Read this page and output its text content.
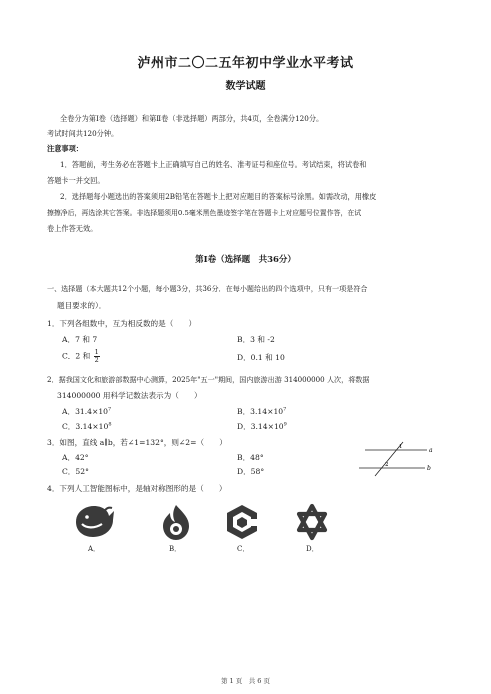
泸州市二〇二五年初中学业水平考试
数学试题
全卷分为第Ⅰ卷（选择题）和第Ⅱ卷（非选择题）两部分，共4页，全卷满分120分。
考试时间共120分钟。
注意事项：
1．答题前，考生务必在答题卡上正确填写自己的姓名、准考证号和座位号。考试结束，将试卷和
答题卡一并交回。
2．选择题每小题选出的答案须用2B铅笔在答题卡上把对应题目的答案标号涂黑。如需改动，用橡皮
擦擦净后，再选涂其它答案。非选择题须用0.5毫米黑色墨迹签字笔在答题卡上对应题号位置作答，在试
卷上作答无效。
第Ⅰ卷（选择题　共36分）
一、选择题（本大题共12个小题，每小题3分，共36分．在每小题给出的四个选项中，只有一项是符合
题目要求的）．
1．下列各组数中，互为相反数的是（　　）
A．7 和 7	B．3 和 -2
C．2 和 $\frac{1}{2}$	D．0.1 和 10
2．据我国文化和旅游部数据中心测算，2025年"五一"期间，国内旅游出游 314000000 人次，将数据
314000000 用科学记数法表示为（　　）
A．$31.4\times 10^7$	B．$3.14\times 10^7$
C．$3.14\times 10^8$	D．$3.14\times 10^9$
3．如图，直线 a∥b，若∠1=132°，则∠2=（　　）
A．42°	B．48°
C．52°	D．58°
a
b
1
2
4．下列人工智能图标中，是轴对称图形的是（　　）
A．	B．	C．	D．
第 1 页　共 6 页
